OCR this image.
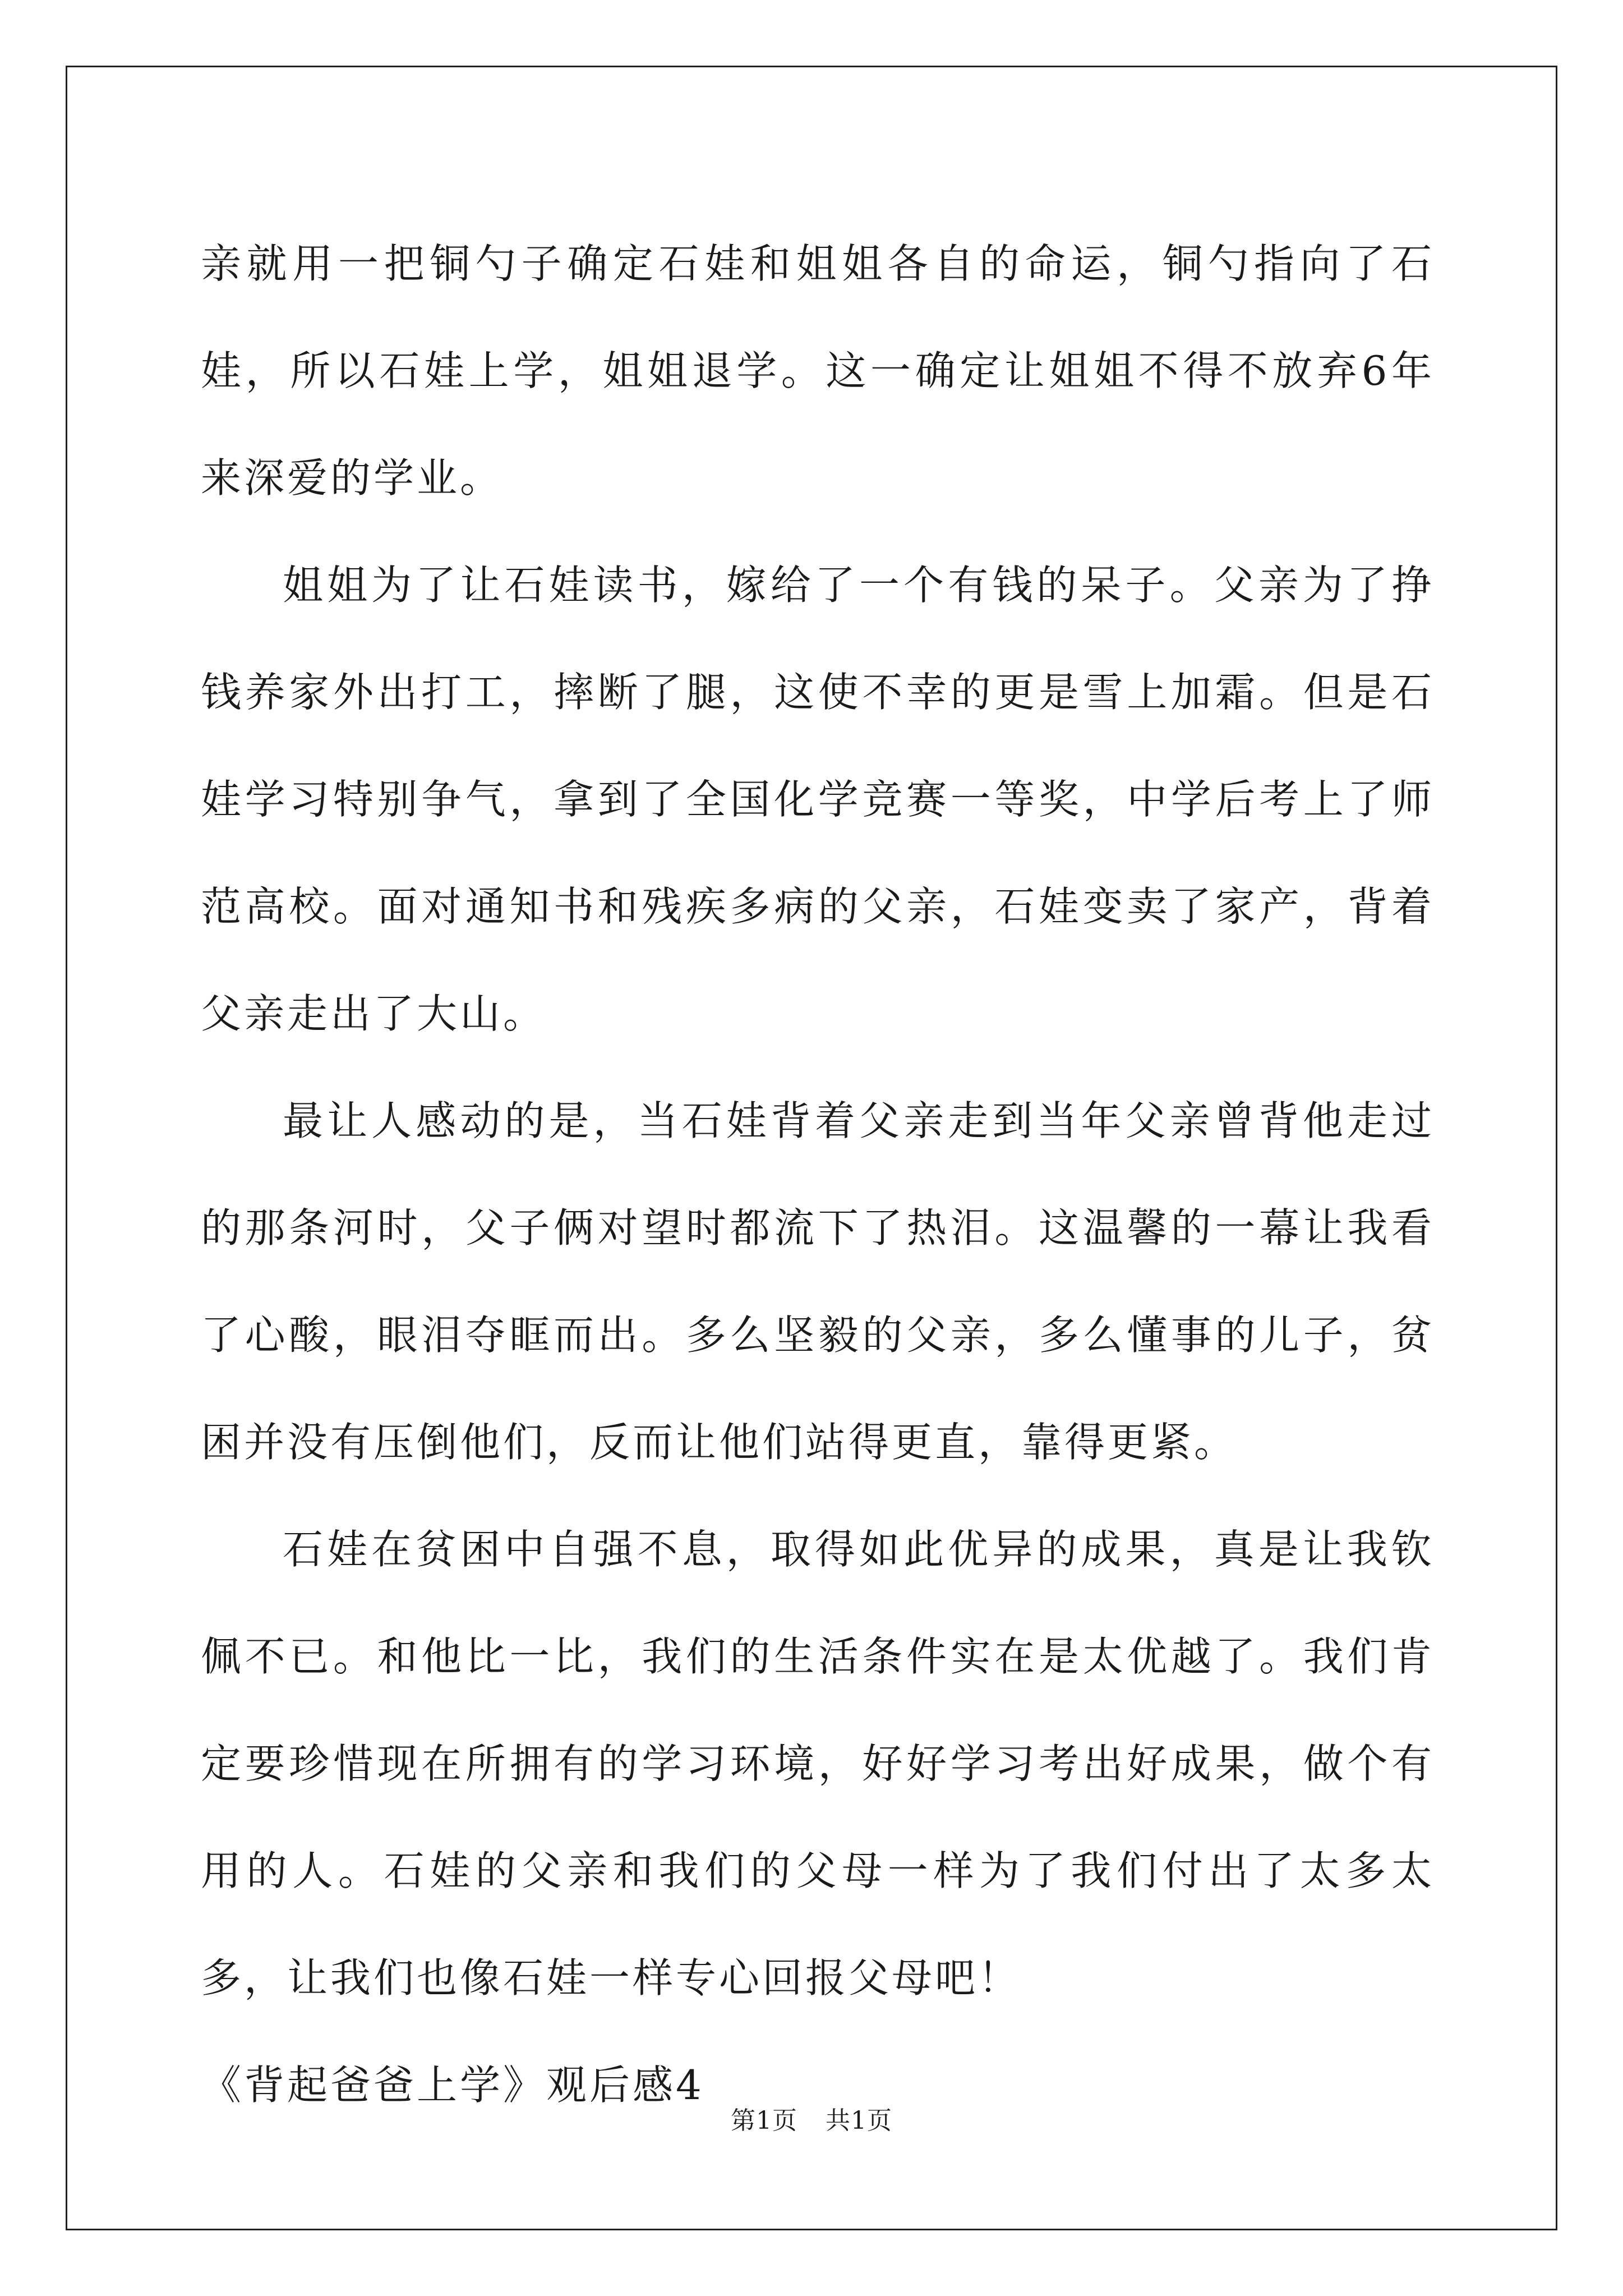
亲就用一把铜勺子确定石娃和姐姐各自的命运，铜勺指向了石娃，所以石娃上学，姐姐退学。这一确定让姐姐不得不放弃6年来深爱的学业。

姐姐为了让石娃读书，嫁给了一个有钱的呆子。父亲为了挣钱养家外出打工，摔断了腿，这使不幸的更是雪上加霜。但是石娃学习特别争气，拿到了全国化学竞赛一等奖，中学后考上了师范高校。面对通知书和残疾多病的父亲，石娃变卖了家产，背着父亲走出了大山。

最让人感动的是，当石娃背着父亲走到当年父亲曾背他走过的那条河时，父子俩对望时都流下了热泪。这温馨的一幕让我看了心酸，眼泪夺眶而出。多么坚毅的父亲，多么懂事的儿子，贫困并没有压倒他们，反而让他们站得更直，靠得更紧。

石娃在贫困中自强不息，取得如此优异的成果，真是让我钦佩不已。和他比一比，我们的生活条件实在是太优越了。我们肯定要珍惜现在所拥有的学习环境，好好学习考出好成果，做个有用的人。石娃的父亲和我们的父母一样为了我们付出了太多太多，让我们也像石娃一样专心回报父母吧！

《背起爸爸上学》观后感4

第1页 共1页
